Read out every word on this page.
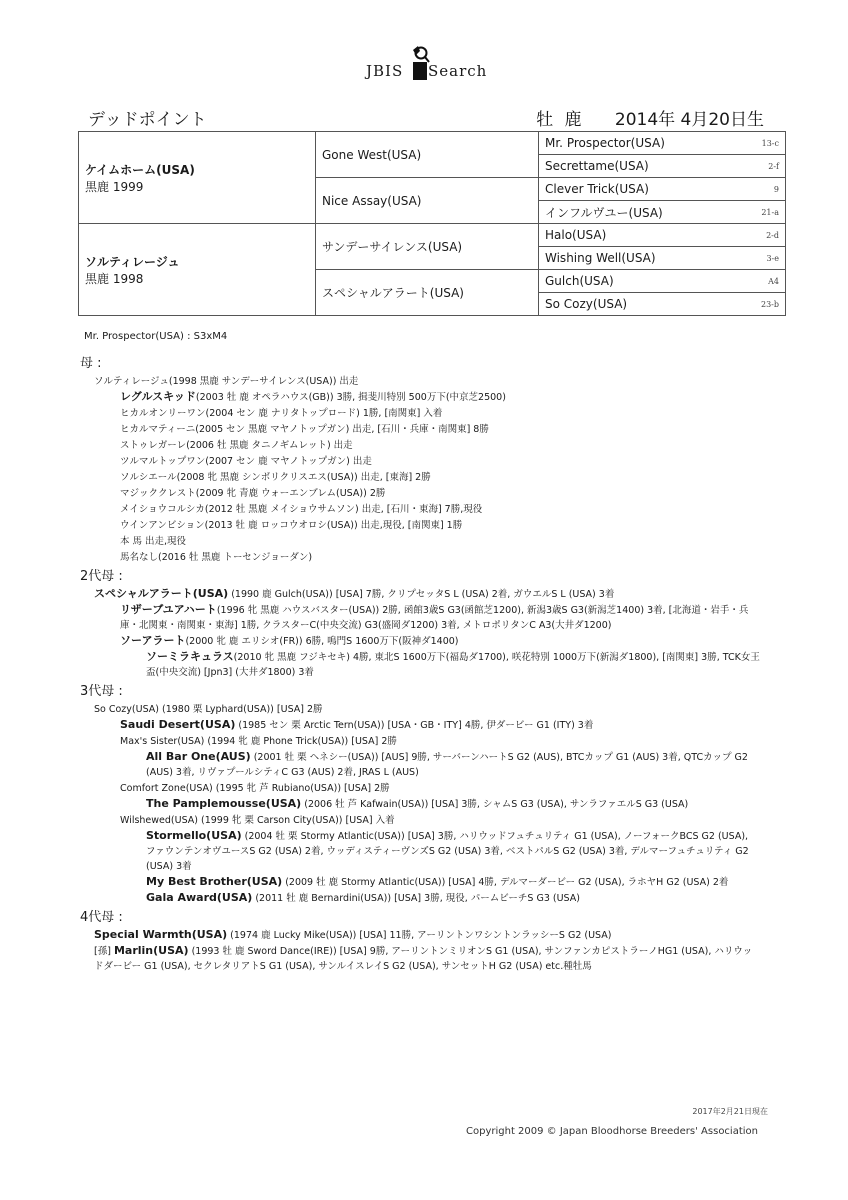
JBIS Search
デッドポイント	牡 鹿 2014年 4月20日生
ケイムホーム(USA)
黒鹿 1999	Gone West(USA)	Mr. Prospector(USA)	13-c
		Secrettame(USA)	2-f
	Nice Assay(USA)	Clever Trick(USA)	9
		インフルヴユー(USA)	21-a
ソルティレージュ
黒鹿 1998	サンデーサイレンス(USA)	Halo(USA)	2-d
		Wishing Well(USA)	3-e
	スペシャルアラート(USA)	Gulch(USA)	A4
		So Cozy(USA)	23-b
Mr. Prospector(USA) : S3xM4
母 :
ソルティレージュ(1998 黒鹿 サンデーサイレンス(USA)) 出走
レグルスキッド(2003 牡 鹿 オペラハウス(GB)) 3勝, 揖斐川特別 500万下(中京芝2500)
ヒカルオンリーワン(2004 セン 鹿 ナリタトップロード) 1勝, [南関東] 入着
ヒカルマティーニ(2005 セン 黒鹿 マヤノトップガン) 出走, [石川・兵庫・南関東] 8勝
ストゥレガーレ(2006 牡 黒鹿 タニノギムレット) 出走
ツルマルトップワン(2007 セン 鹿 マヤノトップガン) 出走
ソルシエール(2008 牝 黒鹿 シンボリクリスエス(USA)) 出走, [東海] 2勝
マジッククレスト(2009 牝 青鹿 ウォーエンブレム(USA)) 2勝
メイショウコルシカ(2012 牡 黒鹿 メイショウサムソン) 出走, [石川・東海] 7勝,現役
ウインアンビション(2013 牡 鹿 ロッコウオロシ(USA)) 出走,現役, [南関東] 1勝
本 馬 出走,現役
馬名なし(2016 牡 黒鹿 トーセンジョーダン)
2代母 :
スペシャルアラート(USA) (1990 鹿 Gulch(USA)) [USA] 7勝, クリプセッタS L (USA) 2着, ガウエルS L (USA) 3着
リザーブユアハート(1996 牝 黒鹿 ハウスバスター(USA)) 2勝, 函館3歳S G3(函館芝1200), 新潟3歳S G3(新潟芝1400) 3着, [北海道・岩手・兵庫・北関東・南関東・東海] 1勝, クラスターC(中央交流) G3(盛岡ダ1200) 3着, メトロポリタンC A3(大井ダ1200)
ソーアラート(2000 牝 鹿 エリシオ(FR)) 6勝, 鳴門S 1600万下(阪神ダ1400)
ソーミラキュラス(2010 牝 黒鹿 フジキセキ) 4勝, 東北S 1600万下(福島ダ1700), 咲花特別 1000万下(新潟ダ1800), [南関東] 3勝, TCK女王盃(中央交流) [Jpn3] (大井ダ1800) 3着
3代母 :
So Cozy(USA) (1980 栗 Lyphard(USA)) [USA] 2勝
Saudi Desert(USA) (1985 セン 栗 Arctic Tern(USA)) [USA・GB・ITY] 4勝, 伊ダービー G1 (ITY) 3着
Max's Sister(USA) (1994 牝 鹿 Phone Trick(USA)) [USA] 2勝
All Bar One(AUS) (2001 牡 栗 ヘネシー(USA)) [AUS] 9勝, サーバーンハートS G2 (AUS), BTCカップ G1 (AUS) 3着, QTCカップ G2 (AUS) 3着, リヴァプールシティC G3 (AUS) 2着, JRAS L (AUS)
Comfort Zone(USA) (1995 牝 芦 Rubiano(USA)) [USA] 2勝
The Pamplemousse(USA) (2006 牡 芦 Kafwain(USA)) [USA] 3勝, シャムS G3 (USA), サンラファエルS G3 (USA)
Wilshewed(USA) (1999 牝 栗 Carson City(USA)) [USA] 入着
Stormello(USA) (2004 牡 栗 Stormy Atlantic(USA)) [USA] 3勝, ハリウッドフュチュリティ G1 (USA), ノーフォークBCS G2 (USA), ファウンテンオヴユースS G2 (USA) 2着, ウッディスティーヴンズS G2 (USA) 3着, ベストパルS G2 (USA) 3着, デルマーフュチュリティ G2 (USA) 3着
My Best Brother(USA) (2009 牡 鹿 Stormy Atlantic(USA)) [USA] 4勝, デルマーダービー G2 (USA), ラホヤH G2 (USA) 2着
Gala Award(USA) (2011 牡 鹿 Bernardini(USA)) [USA] 3勝, 現役, パームビーチS G3 (USA)
4代母 :
Special Warmth(USA) (1974 鹿 Lucky Mike(USA)) [USA] 11勝, アーリントンワシントンラッシーS G2 (USA)
[孫] Marlin(USA) (1993 牡 鹿 Sword Dance(IRE)) [USA] 9勝, アーリントンミリオンS G1 (USA), サンファンカピストラーノHG1 (USA), ハリウッドダービー G1 (USA), セクレタリアトS G1 (USA), サンルイスレイS G2 (USA), サンセットH G2 (USA) etc.種牡馬
2017年2月21日現在
Copyright 2009 © Japan Bloodhorse Breeders' Association
